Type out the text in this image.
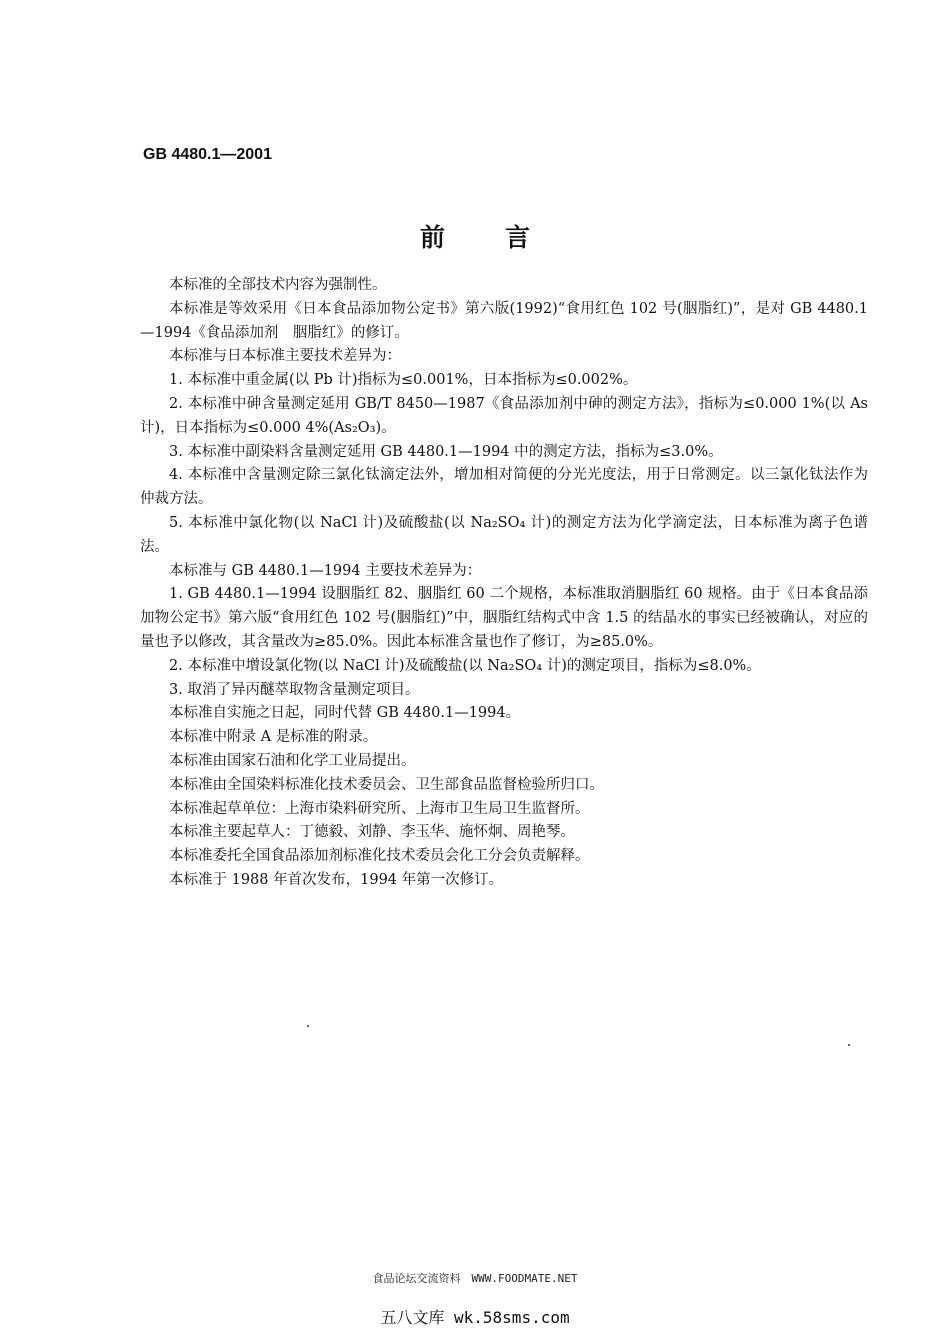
GB 4480.1—2001
前言

本标准的全部技术内容为强制性。

本标准是等效采用《日本食品添加物公定书》第六版(1992)“食用红色 102 号(胭脂红)”，是对 GB 4480.1—1994《食品添加剂　胭脂红》的修订。

本标准与日本标准主要技术差异为：

1. 本标准中重金属(以 Pb 计)指标为≤0.001%，日本指标为≤0.002%。

2. 本标准中砷含量测定延用 GB/T 8450—1987《食品添加剂中砷的测定方法》，指标为≤0.000 1%(以 As 计)，日本指标为≤0.000 4%(As₂O₃)。

3. 本标准中副染料含量测定延用 GB 4480.1—1994 中的测定方法，指标为≤3.0%。

4. 本标准中含量测定除三氯化钛滴定法外，增加相对简便的分光光度法，用于日常测定。以三氯化钛法作为仲裁方法。

5. 本标准中氯化物(以 NaCl 计)及硫酸盐(以 Na₂SO₄ 计)的测定方法为化学滴定法，日本标准为离子色谱法。

本标准与 GB 4480.1—1994 主要技术差异为：

1. GB 4480.1—1994 设胭脂红 82、胭脂红 60 二个规格，本标准取消胭脂红 60 规格。由于《日本食品添加物公定书》第六版“食用红色 102 号(胭脂红)”中，胭脂红结构式中含 1.5 的结晶水的事实已经被确认，对应的量也予以修改，其含量改为≥85.0%。因此本标准含量也作了修订，为≥85.0%。

2. 本标准中增设氯化物(以 NaCl 计)及硫酸盐(以 Na₂SO₄ 计)的测定项目，指标为≤8.0%。

3. 取消了异丙醚萃取物含量测定项目。

本标准自实施之日起，同时代替 GB 4480.1—1994。

本标准中附录 A 是标准的附录。

本标准由国家石油和化学工业局提出。

本标准由全国染料标准化技术委员会、卫生部食品监督检验所归口。

本标准起草单位：上海市染料研究所、上海市卫生局卫生监督所。

本标准主要起草人：丁德毅、刘静、李玉华、施怀炯、周艳琴。

本标准委托全国食品添加剂标准化技术委员会化工分会负责解释。

本标准于 1988 年首次发布，1994 年第一次修订。

食品论坛交流资料　WWW.FOODMATE.NET
五八文库 wk.58sms.com
